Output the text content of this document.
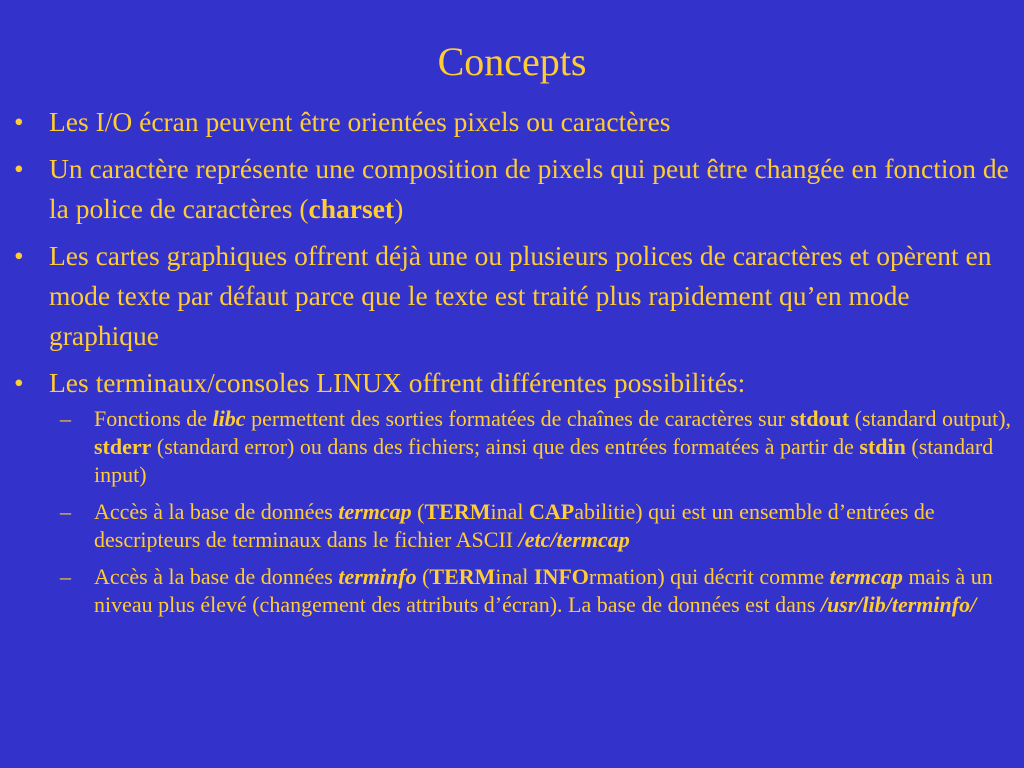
Concepts
• Les I/O écran peuvent être orientées pixels ou caractères
• Un caractère représente une composition de pixels qui peut être changée en fonction de la police de caractères (charset)
• Les cartes graphiques offrent déjà une ou plusieurs polices de caractères et opèrent en mode texte par défaut parce que le texte est traité plus rapidement qu’en mode graphique
• Les terminaux/consoles LINUX offrent différentes possibilités:
–	Fonctions de libc permettent des sorties formatées de chaînes de caractères sur stdout (standard output), stderr (standard error) ou dans des fichiers; ainsi que des entrées formatées à partir de stdin (standard input)
–	Accès à la base de données termcap (TERMinal CAPabilitie) qui est un ensemble d’entrées de descripteurs de terminaux dans le fichier ASCII /etc/termcap
–	Accès à la base de données terminfo (TERMinal INFOrmation) qui décrit comme termcap mais à un niveau plus élevé (changement des attributs d’écran). La base de données est dans /usr/lib/terminfo/
